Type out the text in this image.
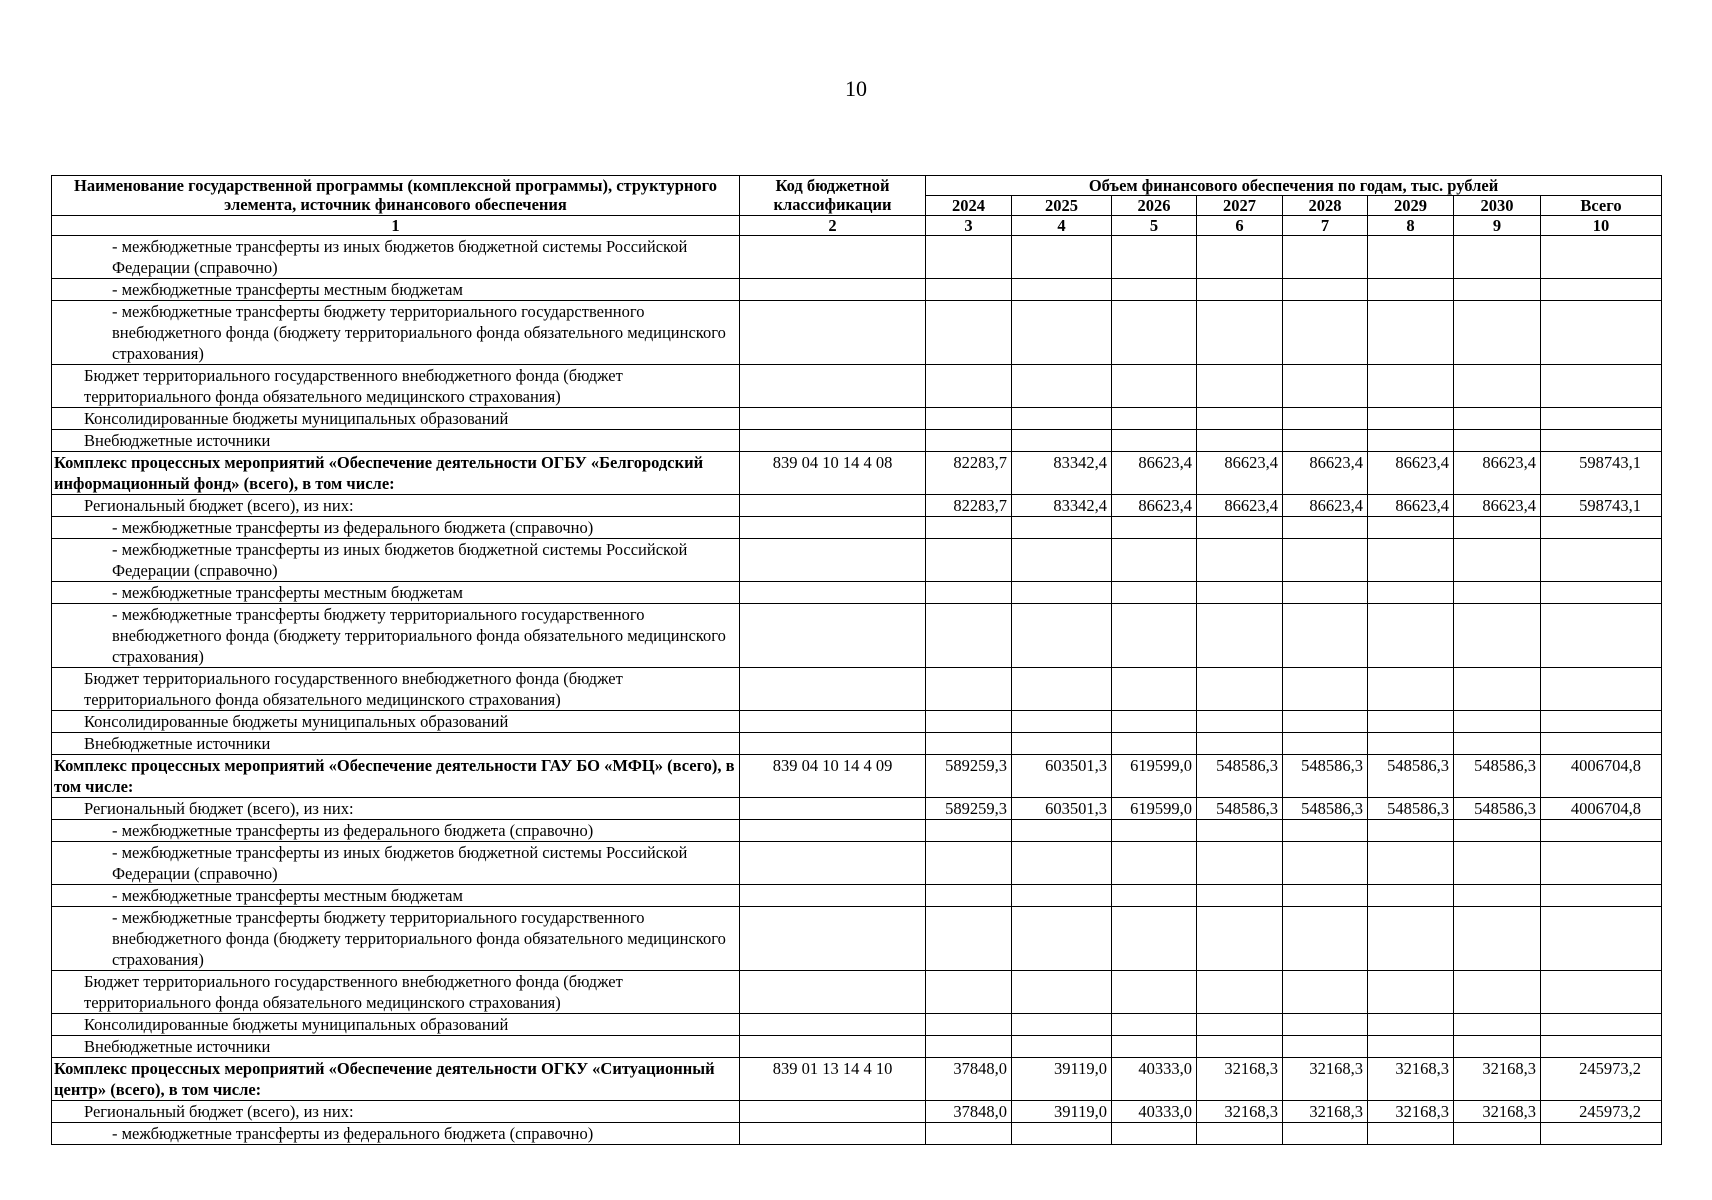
10
Наименование государственной программы (комплексной программы), структурного элемента, источник финансового обеспечения	Код бюджетной классификации	Объем финансового обеспечения по годам, тыс. рублей							
		2024	2025	2026	2027	2028	2029	2030	Всего
1	2	3	4	5	6	7	8	9	10
- межбюджетные трансферты из иных бюджетов бюджетной системы Российской Федерации (справочно)									
- межбюджетные трансферты местным бюджетам									
- межбюджетные трансферты бюджету территориального государственного внебюджетного фонда (бюджету территориального фонда обязательного медицинского страхования)									
Бюджет территориального государственного внебюджетного фонда (бюджет территориального фонда обязательного медицинского страхования)									
Консолидированные бюджеты муниципальных образований									
Внебюджетные источники									
Комплекс процессных мероприятий «Обеспечение деятельности ОГБУ «Белгородский информационный фонд» (всего), в том числе:	839 04 10 14 4 08	82283,7	83342,4	86623,4	86623,4	86623,4	86623,4	86623,4	598743,1
Региональный бюджет (всего), из них:		82283,7	83342,4	86623,4	86623,4	86623,4	86623,4	86623,4	598743,1
- межбюджетные трансферты из федерального бюджета (справочно)									
- межбюджетные трансферты из иных бюджетов бюджетной системы Российской Федерации (справочно)									
- межбюджетные трансферты местным бюджетам									
- межбюджетные трансферты бюджету территориального государственного внебюджетного фонда (бюджету территориального фонда обязательного медицинского страхования)									
Бюджет территориального государственного внебюджетного фонда (бюджет территориального фонда обязательного медицинского страхования)									
Консолидированные бюджеты муниципальных образований									
Внебюджетные источники									
Комплекс процессных мероприятий «Обеспечение деятельности ГАУ БО «МФЦ» (всего), в том числе:	839 04 10 14 4 09	589259,3	603501,3	619599,0	548586,3	548586,3	548586,3	548586,3	4006704,8
Региональный бюджет (всего), из них:		589259,3	603501,3	619599,0	548586,3	548586,3	548586,3	548586,3	4006704,8
- межбюджетные трансферты из федерального бюджета (справочно)									
- межбюджетные трансферты из иных бюджетов бюджетной системы Российской Федерации (справочно)									
- межбюджетные трансферты местным бюджетам									
- межбюджетные трансферты бюджету территориального государственного внебюджетного фонда (бюджету территориального фонда обязательного медицинского страхования)									
Бюджет территориального государственного внебюджетного фонда (бюджет территориального фонда обязательного медицинского страхования)									
Консолидированные бюджеты муниципальных образований									
Внебюджетные источники									
Комплекс процессных мероприятий «Обеспечение деятельности ОГКУ «Ситуационный центр» (всего), в том числе:	839 01 13 14 4 10	37848,0	39119,0	40333,0	32168,3	32168,3	32168,3	32168,3	245973,2
Региональный бюджет (всего), из них:		37848,0	39119,0	40333,0	32168,3	32168,3	32168,3	32168,3	245973,2
- межбюджетные трансферты из федерального бюджета (справочно)									
